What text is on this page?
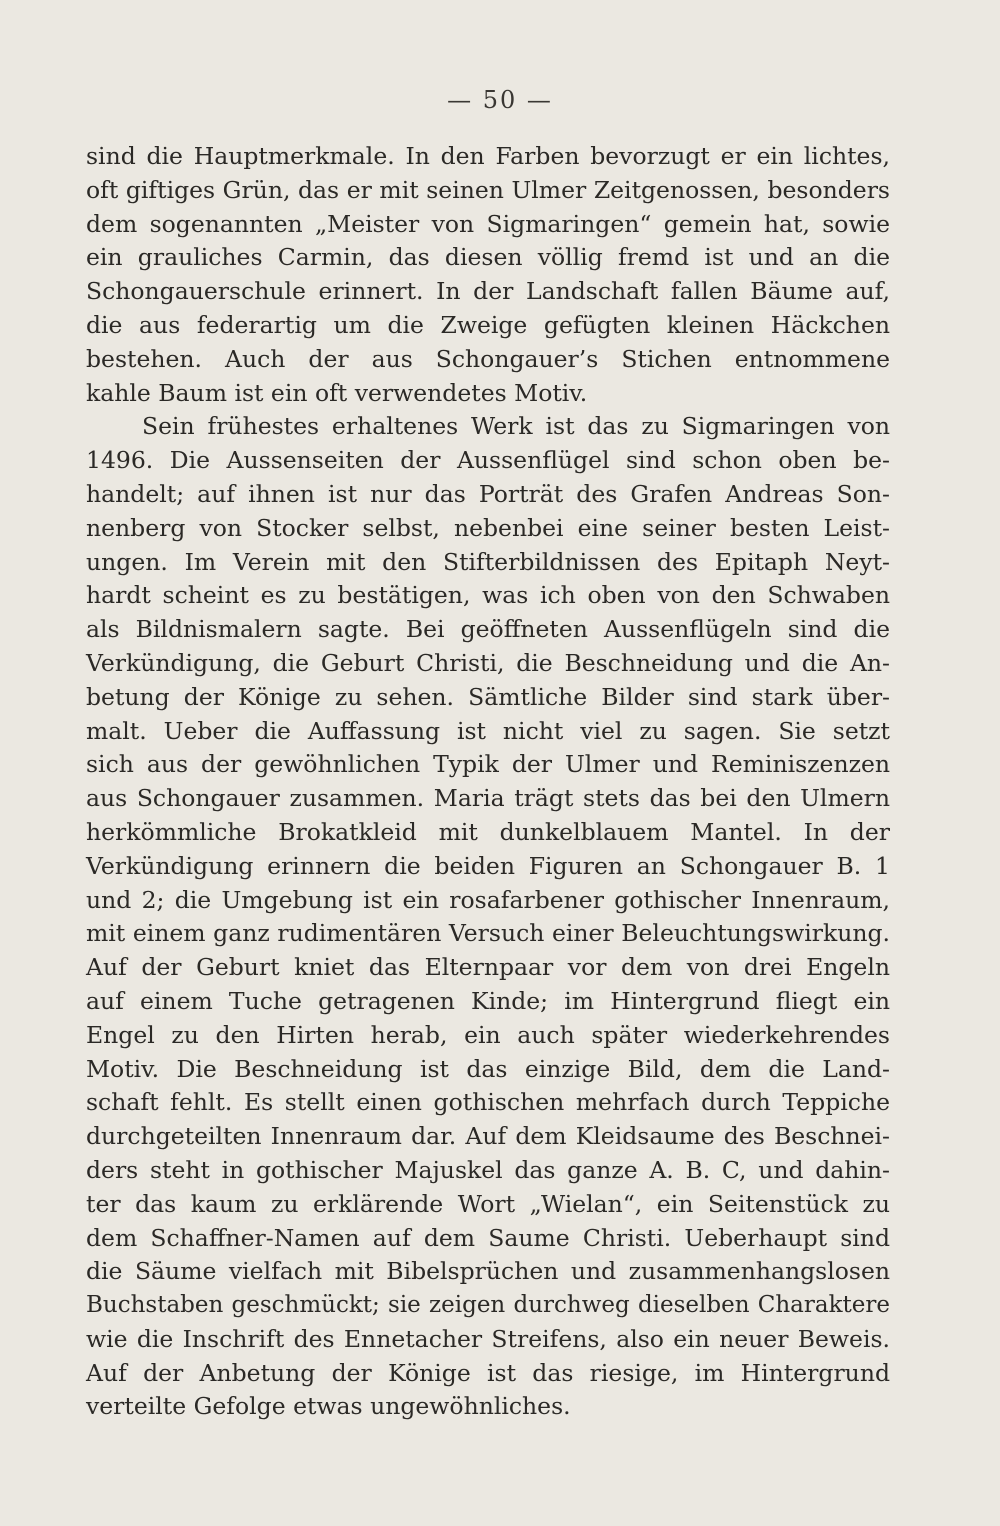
— 50 —
sind die Hauptmerkmale. In den Farben bevorzugt er ein lichtes,
oft giftiges Grün, das er mit seinen Ulmer Zeitgenossen, besonders
dem sogenannten „Meister von Sigmaringen“ gemein hat, sowie
ein grauliches Carmin, das diesen völlig fremd ist und an die
Schongauerschule erinnert. In der Landschaft fallen Bäume auf,
die aus federartig um die Zweige gefügten kleinen Häckchen
bestehen. Auch der aus Schongauer’s Stichen entnommene
kahle Baum ist ein oft verwendetes Motiv.
Sein frühestes erhaltenes Werk ist das zu Sigmaringen von
1496. Die Aussenseiten der Aussenflügel sind schon oben be-
handelt; auf ihnen ist nur das Porträt des Grafen Andreas Son-
nenberg von Stocker selbst, nebenbei eine seiner besten Leist-
ungen. Im Verein mit den Stifterbildnissen des Epitaph Neyt-
hardt scheint es zu bestätigen, was ich oben von den Schwaben
als Bildnismalern sagte. Bei geöffneten Aussenflügeln sind die
Verkündigung, die Geburt Christi, die Beschneidung und die An-
betung der Könige zu sehen. Sämtliche Bilder sind stark über-
malt. Ueber die Auffassung ist nicht viel zu sagen. Sie setzt
sich aus der gewöhnlichen Typik der Ulmer und Reminiszenzen
aus Schongauer zusammen. Maria trägt stets das bei den Ulmern
herkömmliche Brokatkleid mit dunkelblauem Mantel. In der
Verkündigung erinnern die beiden Figuren an Schongauer B. 1
und 2; die Umgebung ist ein rosafarbener gothischer Innenraum,
mit einem ganz rudimentären Versuch einer Beleuchtungswirkung.
Auf der Geburt kniet das Elternpaar vor dem von drei Engeln
auf einem Tuche getragenen Kinde; im Hintergrund fliegt ein
Engel zu den Hirten herab, ein auch später wiederkehrendes
Motiv. Die Beschneidung ist das einzige Bild, dem die Land-
schaft fehlt. Es stellt einen gothischen mehrfach durch Teppiche
durchgeteilten Innenraum dar. Auf dem Kleidsaume des Beschnei-
ders steht in gothischer Majuskel das ganze A. B. C, und dahin-
ter das kaum zu erklärende Wort „Wielan“, ein Seitenstück zu
dem Schaffner-Namen auf dem Saume Christi. Ueberhaupt sind
die Säume vielfach mit Bibelsprüchen und zusammenhangslosen
Buchstaben geschmückt; sie zeigen durchweg dieselben Charaktere
wie die Inschrift des Ennetacher Streifens, also ein neuer Beweis.
Auf der Anbetung der Könige ist das riesige, im Hintergrund
verteilte Gefolge etwas ungewöhnliches.
